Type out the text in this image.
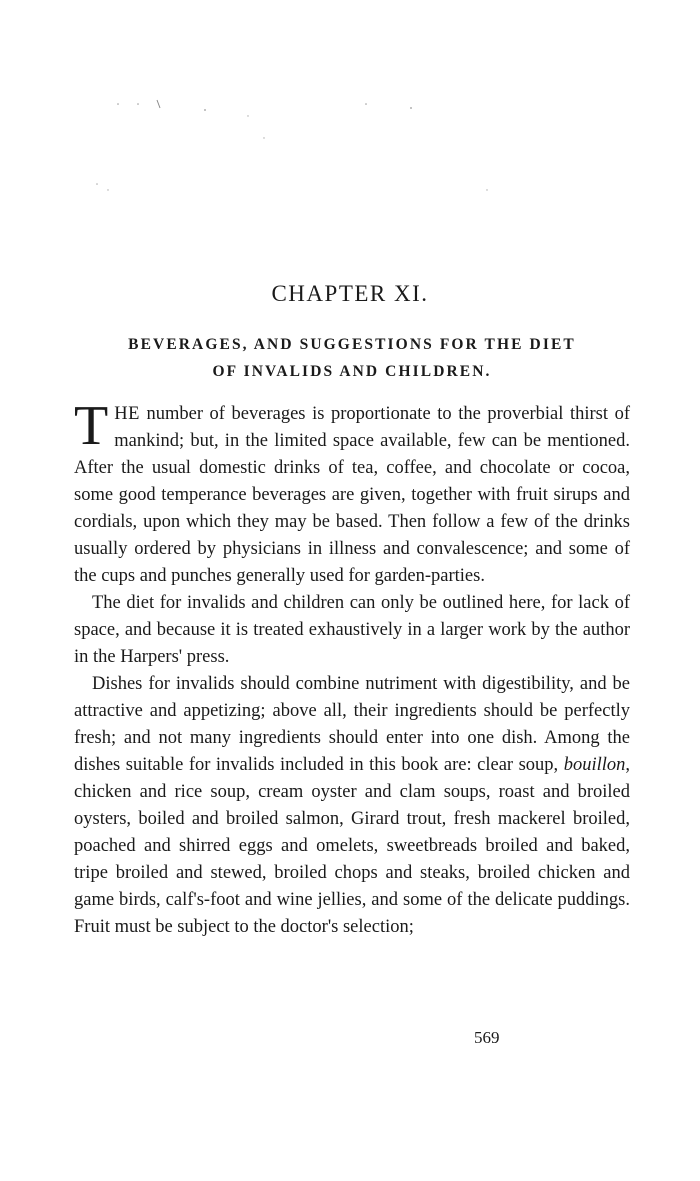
CHAPTER XI.
BEVERAGES, AND SUGGESTIONS FOR THE DIET
OF INVALIDS AND CHILDREN.

THE number of beverages is proportionate to the proverbial thirst of mankind; but, in the limited space available, few can be mentioned. After the usual domestic drinks of tea, coffee, and chocolate or cocoa, some good temperance beverages are given, together with fruit sirups and cordials, upon which they may be based. Then follow a few of the drinks usually ordered by physicians in illness and convalescence; and some of the cups and punches generally used for garden-parties.

The diet for invalids and children can only be outlined here, for lack of space, and because it is treated exhaustively in a larger work by the author in the Harpers' press.

Dishes for invalids should combine nutriment with digestibility, and be attractive and appetizing; above all, their ingredients should be perfectly fresh; and not many ingredients should enter into one dish. Among the dishes suitable for invalids included in this book are: clear soup, bouillon, chicken and rice soup, cream oyster and clam soups, roast and broiled oysters, boiled and broiled salmon, Girard trout, fresh mackerel broiled, poached and shirred eggs and omelets, sweetbreads broiled and baked, tripe broiled and stewed, broiled chops and steaks, broiled chicken and game birds, calf's-foot and wine jellies, and some of the delicate puddings. Fruit must be subject to the doctor's selection;

569
